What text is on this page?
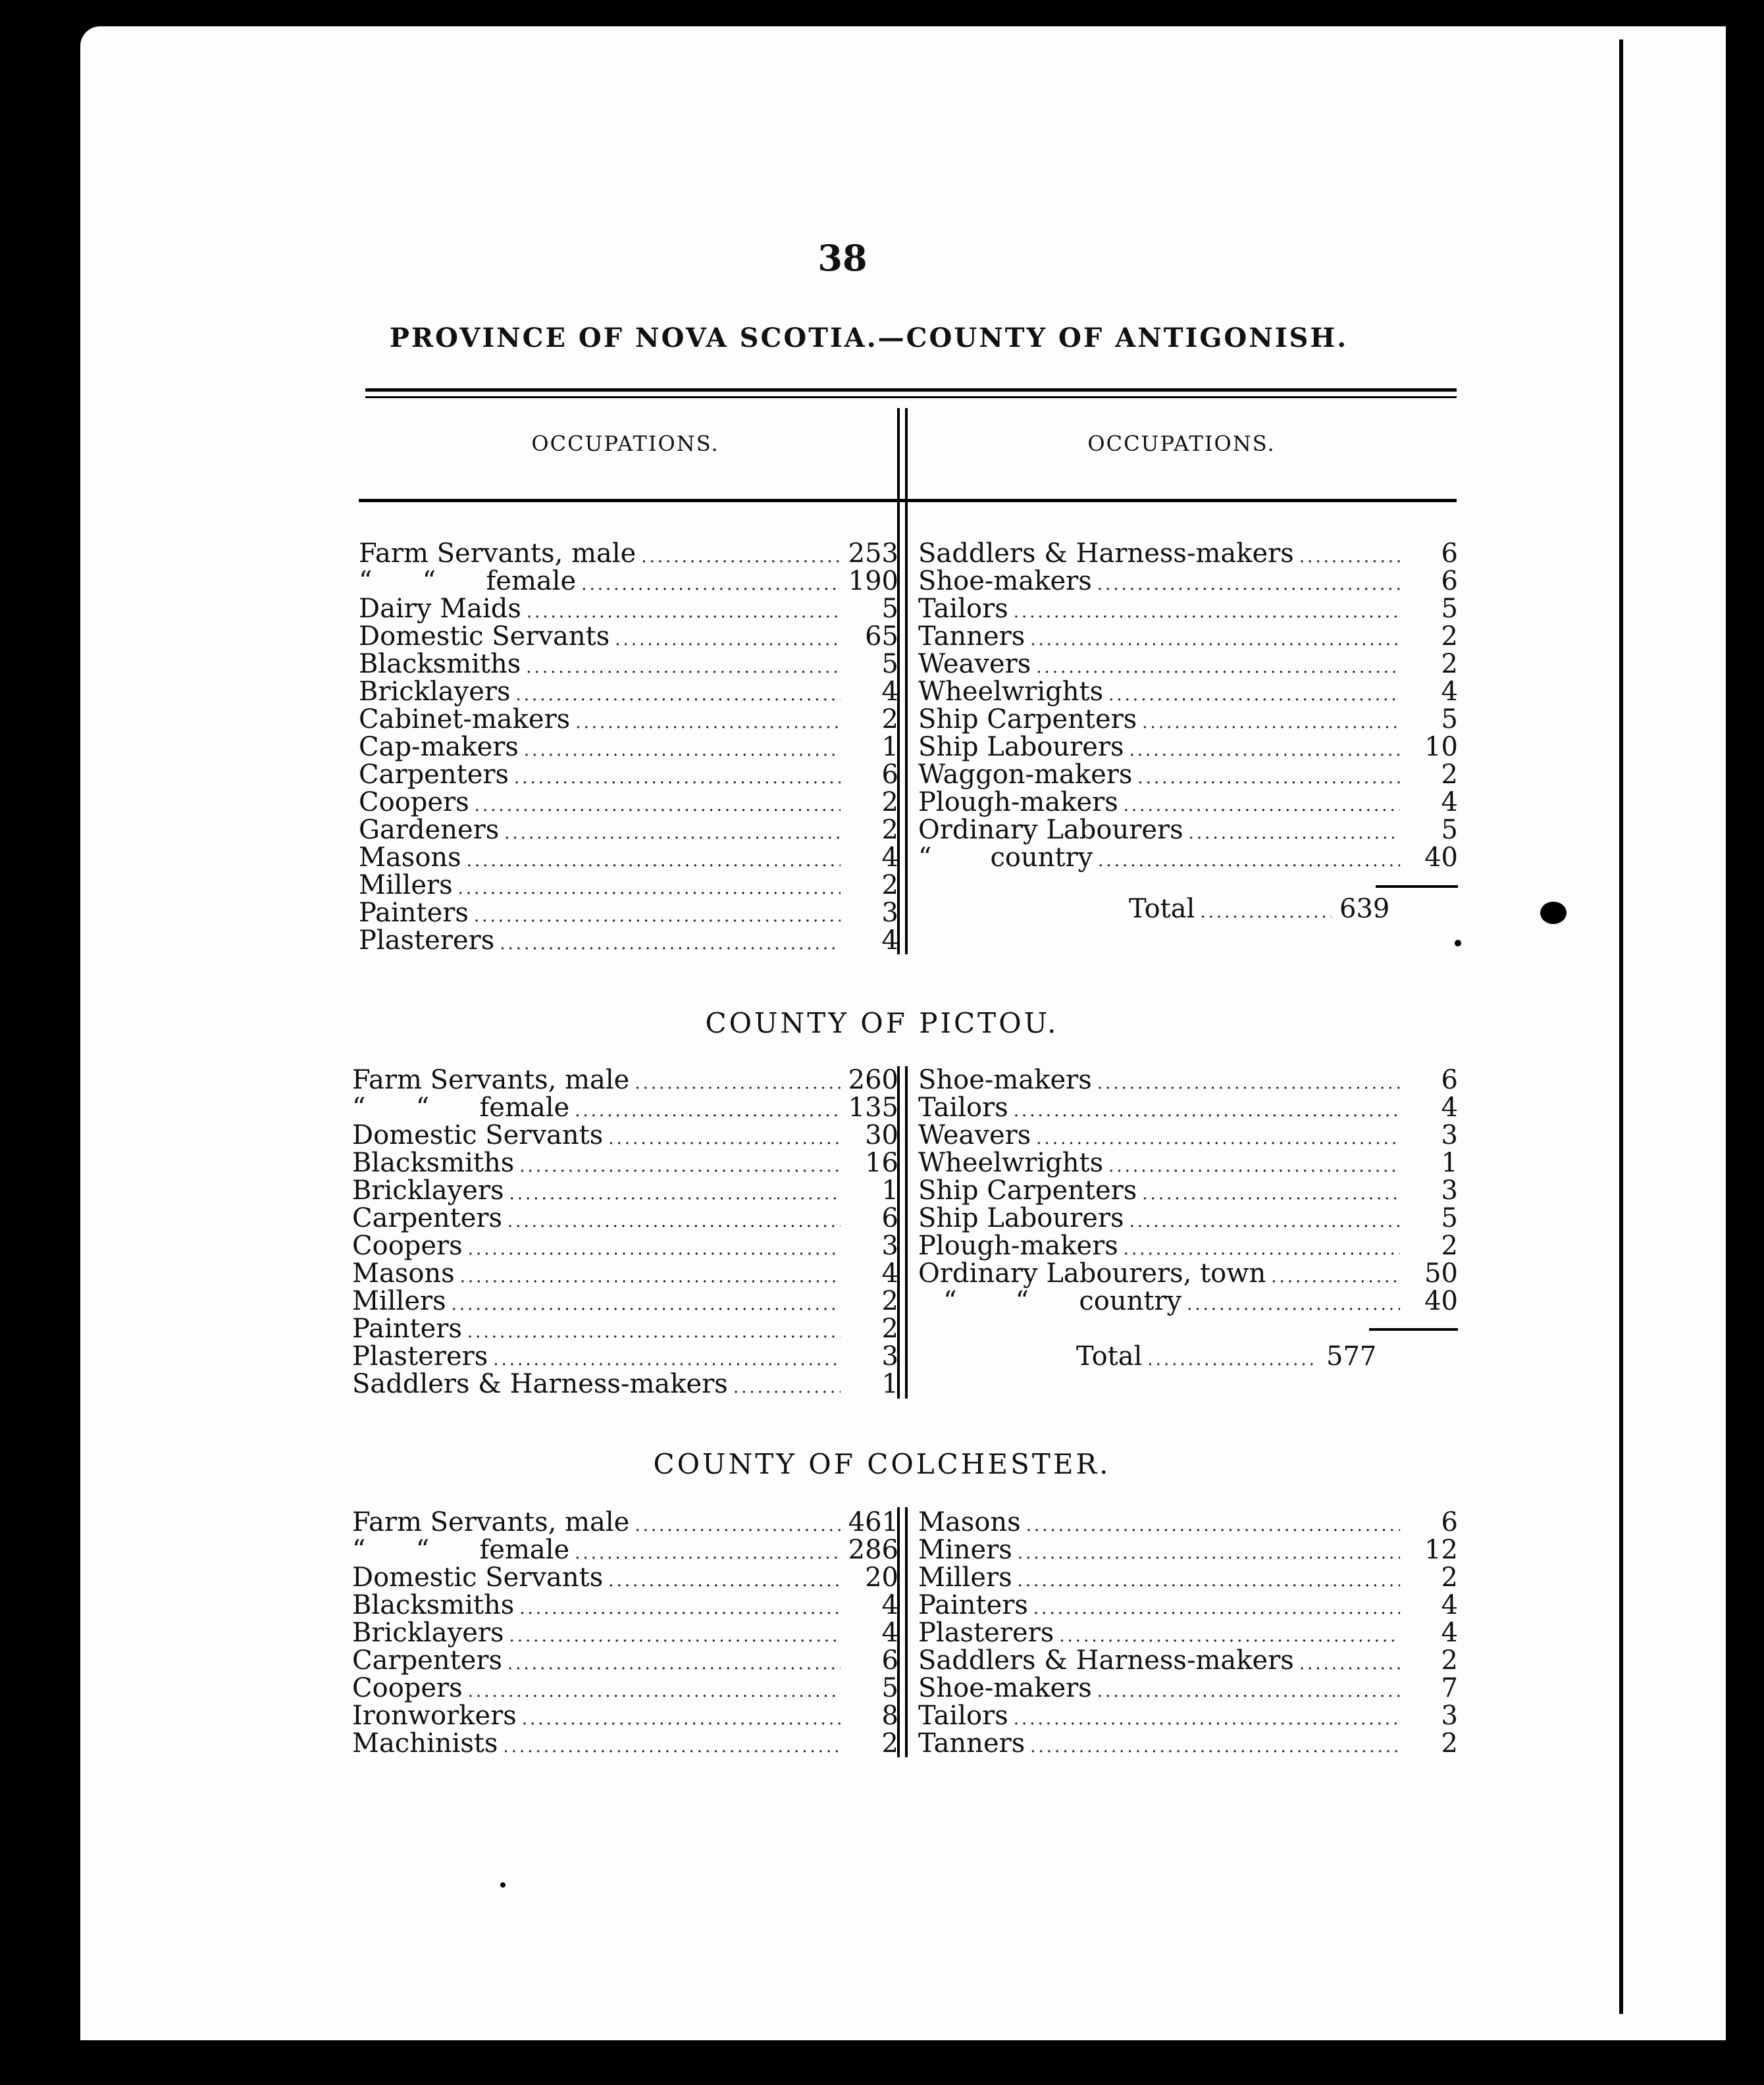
38
PROVINCE OF NOVA SCOTIA.—COUNTY OF ANTIGONISH.
OCCUPATIONS.	OCCUPATIONS.
Farm Servants, male .....	253
“      “      female .....	190
Dairy Maids .....	5
Domestic Servants .....	65
Blacksmiths .....	5
Bricklayers .....	4
Cabinet-makers .....	2
Cap-makers .....	1
Carpenters .....	6
Coopers .....	2
Gardeners .....	2
Masons .....	4
Millers .....	2
Painters .....	3
Plasterers .....	4
Saddlers & Harness-makers .....	6
Shoe-makers .....	6
Tailors .....	5
Tanners .....	2
Weavers .....	2
Wheelwrights .....	4
Ship Carpenters .....	5
Ship Labourers .....	10
Waggon-makers .....	2
Plough-makers .....	4
Ordinary Labourers .....	5
“       country .....	40
Total .....	639
COUNTY OF PICTOU.
Farm Servants, male .....	260
“      “      female .....	135
Domestic Servants .....	30
Blacksmiths .....	16
Bricklayers .....	1
Carpenters .....	6
Coopers .....	3
Masons .....	4
Millers .....	2
Painters .....	2
Plasterers .....	3
Saddlers & Harness-makers .....	1
Shoe-makers .....	6
Tailors .....	4
Weavers .....	3
Wheelwrights .....	1
Ship Carpenters .....	3
Ship Labourers .....	5
Plough-makers .....	2
Ordinary Labourers, town .....	50
“       “      country .....	40
Total .....	577
COUNTY OF COLCHESTER.
Farm Servants, male .....	461
“      “      female .....	286
Domestic Servants .....	20
Blacksmiths .....	4
Bricklayers .....	4
Carpenters .....	6
Coopers .....	5
Ironworkers .....	8
Machinists .....	2
Masons .....	6
Miners .....	12
Millers .....	2
Painters .....	4
Plasterers .....	4
Saddlers & Harness-makers .....	2
Shoe-makers .....	7
Tailors .....	3
Tanners .....	2
